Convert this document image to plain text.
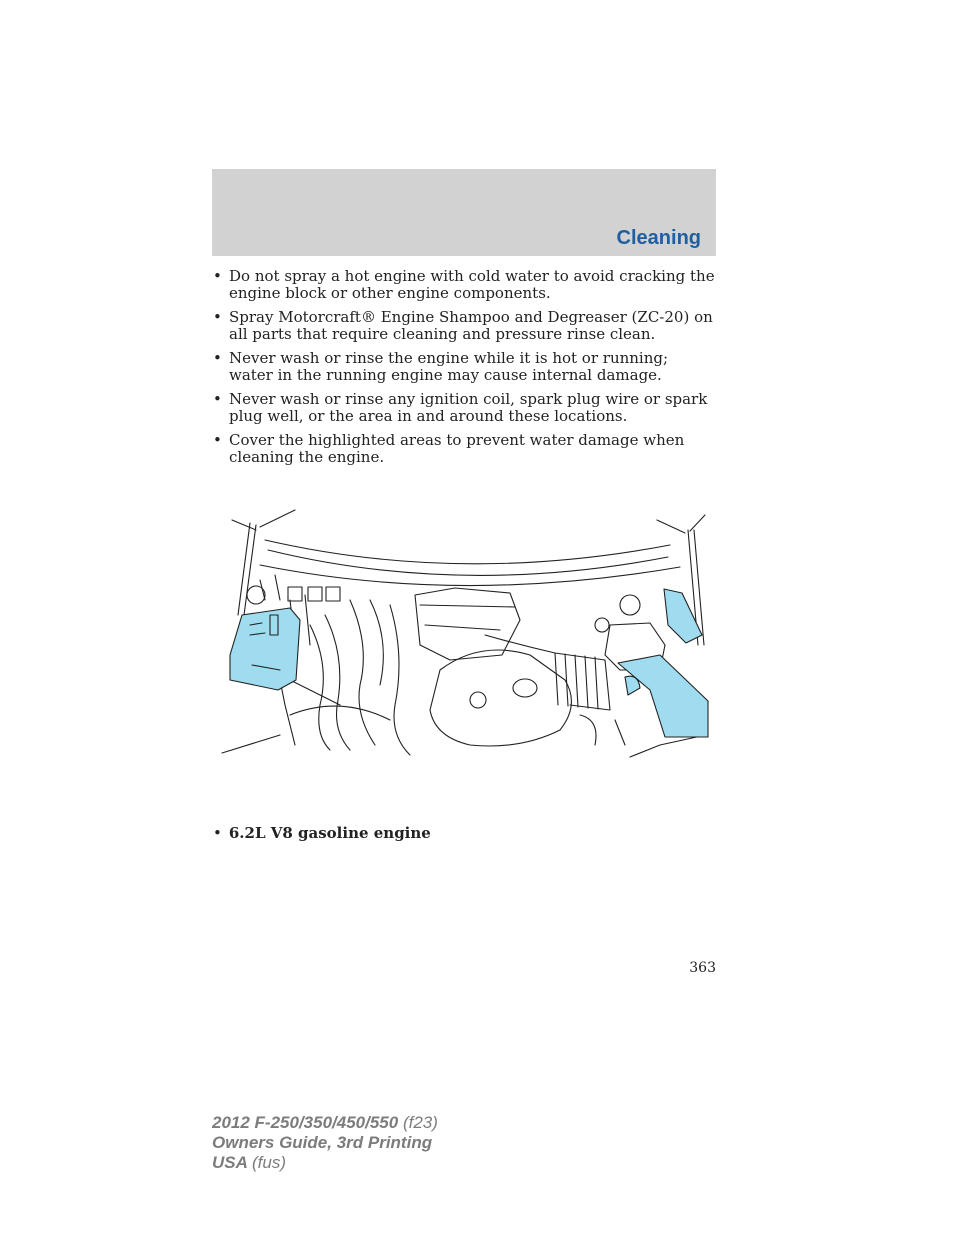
Cleaning
• Do not spray a hot engine with cold water to avoid cracking the engine block or other engine components.
• Spray Motorcraft® Engine Shampoo and Degreaser (ZC-20) on all parts that require cleaning and pressure rinse clean.
• Never wash or rinse the engine while it is hot or running; water in the running engine may cause internal damage.
• Never wash or rinse any ignition coil, spark plug wire or spark plug well, or the area in and around these locations.
• Cover the highlighted areas to prevent water damage when cleaning the engine.
• 6.2L V8 gasoline engine
363
2012 F-250/350/450/550 (f23)
Owners Guide, 3rd Printing
USA (fus)
